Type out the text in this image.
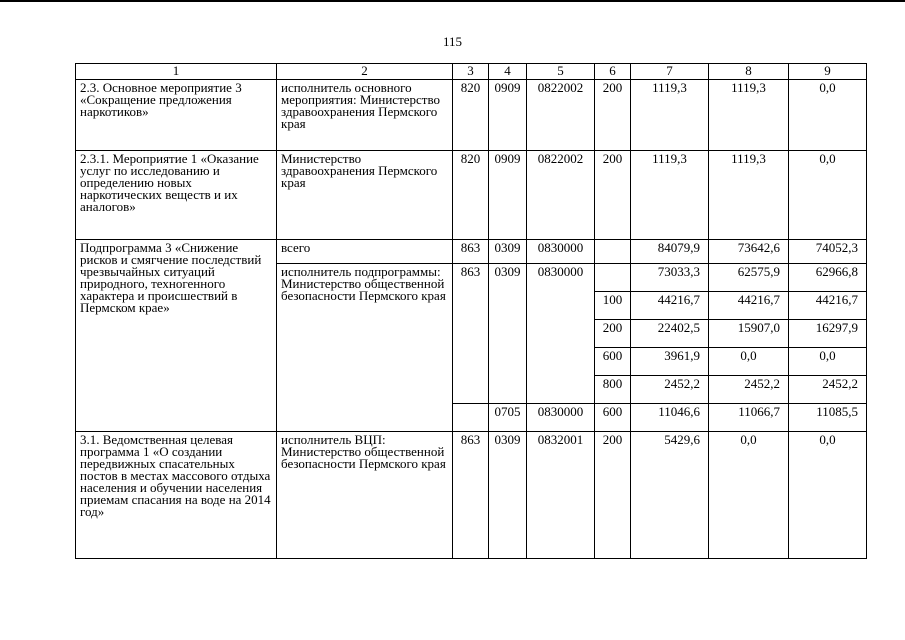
115
1	2	3	4	5	6	7	8	9
2.3. Основное мероприятие 3 «Сокращение предложения наркотиков»	исполнитель основного мероприятия: Министерство здравоохранения Пермского края	820	0909	0822002	200	1119,3	1119,3	0,0
2.3.1. Мероприятие 1 «Оказание услуг по исследованию и определению новых наркотических веществ и их аналогов»	Министерство здравоохранения Пермского края	820	0909	0822002	200	1119,3	1119,3	0,0
Подпрограмма 3 «Снижение рисков и смягчение последствий чрезвычайных ситуаций природного, техногенного характера и происшествий в Пермском крае»	всего	863	0309	0830000		84079,9	73642,6	74052,3
	исполнитель подпрограммы: Министерство общественной безопасности Пермского края	863	0309	0830000		73033,3	62575,9	62966,8
					100	44216,7	44216,7	44216,7
					200	22402,5	15907,0	16297,9
					600	3961,9	0,0	0,0
					800	2452,2	2452,2	2452,2
			0705	0830000	600	11046,6	11066,7	11085,5
3.1. Ведомственная целевая программа 1 «О создании передвижных спасательных постов в местах массового отдыха населения и обучении населения приемам спасания на воде на 2014 год»	исполнитель ВЦП: Министерство общественной безопасности Пермского края	863	0309	0832001	200	5429,6	0,0	0,0
